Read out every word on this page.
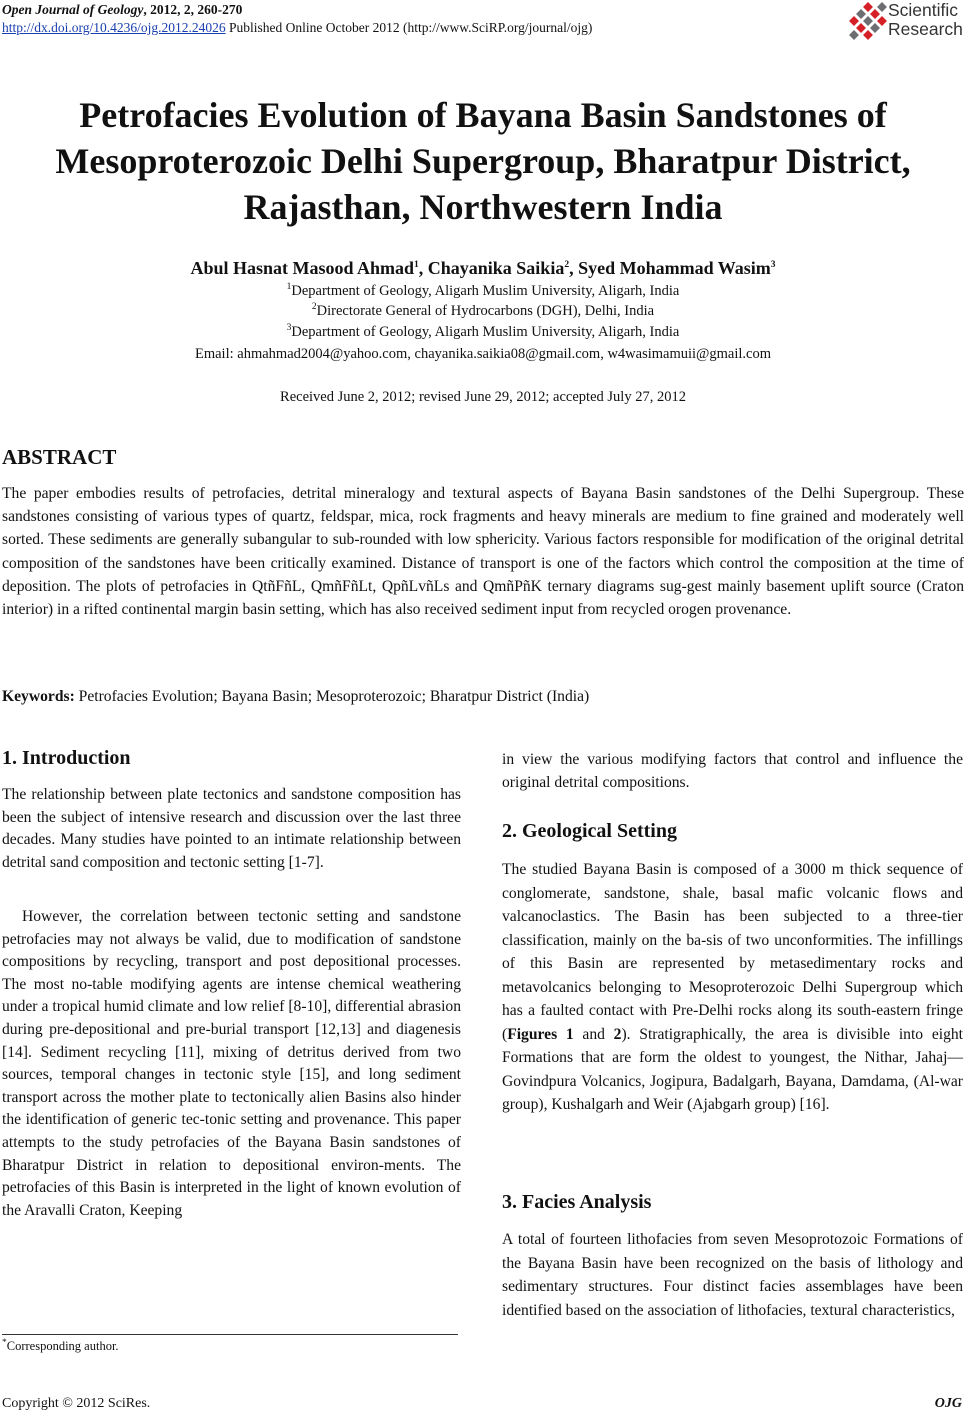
Open Journal of Geology, 2012, 2, 260-270
http://dx.doi.org/10.4236/ojg.2012.24026 Published Online October 2012 (http://www.SciRP.org/journal/ojg)
Scientific
Research
Petrofacies Evolution of Bayana Basin Sandstones of
Mesoproterozoic Delhi Supergroup, Bharatpur District,
Rajasthan, Northwestern India
Abul Hasnat Masood Ahmad$^1$, Chayanika Saikia$^2$, Syed Mohammad Wasim$^3$
$^1$Department of Geology, Aligarh Muslim University, Aligarh, India
$^2$Directorate General of Hydrocarbons (DGH), Delhi, India
$^3$Department of Geology, Aligarh Muslim University, Aligarh, India
Email: ahmahmad2004@yahoo.com, chayanika.saikia08@gmail.com, w4wasimamuii@gmail.com
Received June 2, 2012; revised June 29, 2012; accepted July 27, 2012
ABSTRACT

The paper embodies results of petrofacies, detrital mineralogy and textural aspects of Bayana Basin sandstones of the Delhi Supergroup. These sandstones consisting of various types of quartz, feldspar, mica, rock fragments and heavy minerals are medium to fine grained and moderately well sorted. These sediments are generally subangular to sub-rounded with low sphericity. Various factors responsible for modification of the original detrital composition of the sandstones have been critically examined. Distance of transport is one of the factors which control the composition at the time of deposition. The plots of petrofacies in QtñFñL, QmñFñLt, QpñLvñLs and QmñPñK ternary diagrams sug-gest mainly basement uplift source (Craton interior) in a rifted continental margin basin setting, which has also received sediment input from recycled orogen provenance.

Keywords: Petrofacies Evolution; Bayana Basin; Mesoproterozoic; Bharatpur District (India)
1. Introduction

The relationship between plate tectonics and sandstone composition has been the subject of intensive research and discussion over the last three decades. Many studies have pointed to an intimate relationship between detrital sand composition and tectonic setting [1-7].

However, the correlation between tectonic setting and sandstone petrofacies may not always be valid, due to modification of sandstone compositions by recycling, transport and post depositional processes. The most no-table modifying agents are intense chemical weathering under a tropical humid climate and low relief [8-10], differential abrasion during pre-depositional and pre-burial transport [12,13] and diagenesis [14]. Sediment recycling [11], mixing of detritus derived from two sources, temporal changes in tectonic style [15], and long sediment transport across the mother plate to tectonically alien Basins also hinder the identification of generic tec-tonic setting and provenance. This paper attempts to the study petrofacies of the Bayana Basin sandstones of Bharatpur District in relation to depositional environ-ments. The petrofacies of this Basin is interpreted in the light of known evolution of the Aravalli Craton, Keeping

in view the various modifying factors that control and influence the original detrital compositions.

2. Geological Setting

The studied Bayana Basin is composed of a 3000 m thick sequence of conglomerate, sandstone, shale, basal mafic volcanic flows and valcanoclastics. The Basin has been subjected to a three-tier classification, mainly on the ba-sis of two unconformities. The infillings of this Basin are represented by metasedimentary rocks and metavolcanics belonging to Mesoproterozoic Delhi Supergroup which has a faulted contact with Pre-Delhi rocks along its south-eastern fringe (Figures 1 and 2). Stratigraphically, the area is divisible into eight Formations that are form the oldest to youngest, the Nithar, Jahaj—Govindpura Volcanics, Jogipura, Badalgarh, Bayana, Damdama, (Al-war group), Kushalgarh and Weir (Ajabgarh group) [16].

3. Facies Analysis

A total of fourteen lithofacies from seven Mesoprotozoic Formations of the Bayana Basin have been recognized on the basis of lithology and sedimentary structures. Four distinct facies assemblages have been identified based on the association of lithofacies, textural characteristics,

*Corresponding author.
Copyright © 2012 SciRes.	OJG
